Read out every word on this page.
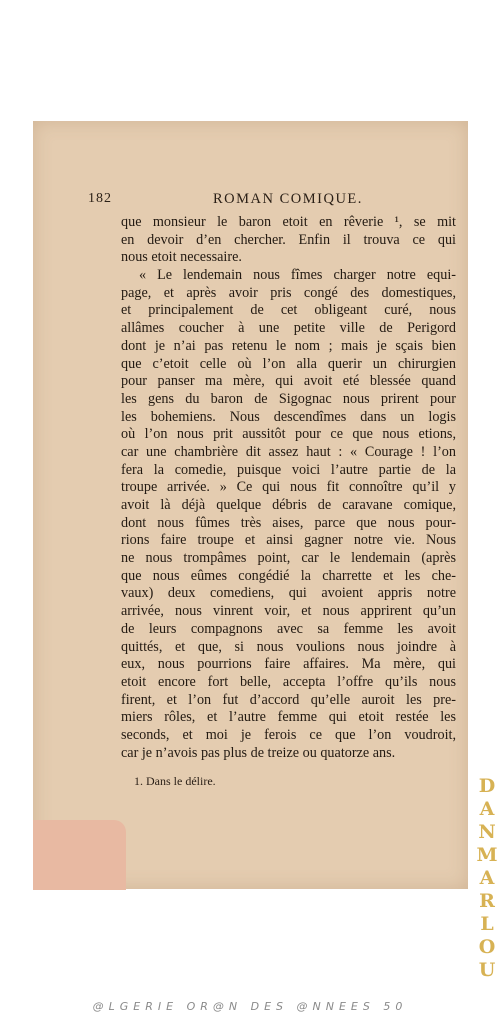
182	ROMAN COMIQUE.
que monsieur le baron etoit en rêverie ¹, se mit
en devoir d’en chercher. Enfin il trouva ce qui
nous etoit necessaire.
« Le lendemain nous fîmes charger notre equi-
page, et après avoir pris congé des domestiques,
et principalement de cet obligeant curé, nous
allâmes coucher à une petite ville de Perigord
dont je n’ai pas retenu le nom ; mais je sçais bien
que c’etoit celle où l’on alla querir un chirurgien
pour panser ma mère, qui avoit eté blessée quand
les gens du baron de Sigognac nous prirent pour
les bohemiens. Nous descendîmes dans un logis
où l’on nous prit aussitôt pour ce que nous etions,
car une chambrière dit assez haut : « Courage ! l’on
fera la comedie, puisque voici l’autre partie de la
troupe arrivée. » Ce qui nous fit connoître qu’il y
avoit là déjà quelque débris de caravane comique,
dont nous fûmes très aises, parce que nous pour-
rions faire troupe et ainsi gagner notre vie. Nous
ne nous trompâmes point, car le lendemain (après
que nous eûmes congédié la charrette et les che-
vaux) deux comediens, qui avoient appris notre
arrivée, nous vinrent voir, et nous apprirent qu’un
de leurs compagnons avec sa femme les avoit
quittés, et que, si nous voulions nous joindre à
eux, nous pourrions faire affaires. Ma mère, qui
etoit encore fort belle, accepta l’offre qu’ils nous
firent, et l’on fut d’accord qu’elle auroit les pre-
miers rôles, et l’autre femme qui etoit restée les
seconds, et moi je ferois ce que l’on voudroit,
car je n’avois pas plus de treize ou quatorze ans.
1. Dans le délire.	D
A
N
M
A
R
L
O
U
@LGERIE OR@N DES @NNEES 50
